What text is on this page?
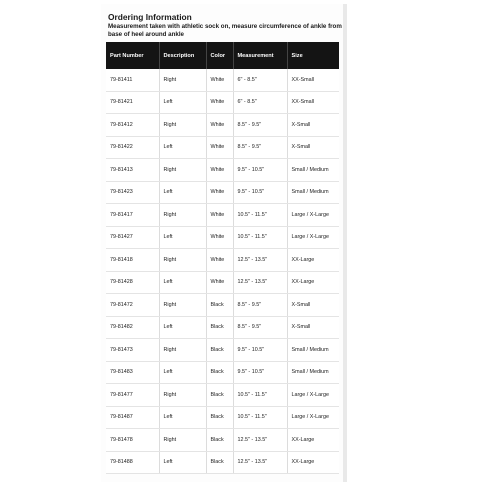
Ordering Information
Measurement taken with athletic sock on, measure circumference of ankle from base of heel around ankle
Part Number	Description	Color	Measurement	Size
79-81411	Right	White	6" - 8.5"	XX-Small
79-81421	Left	White	6" - 8.5"	XX-Small
79-81412	Right	White	8.5" - 9.5"	X-Small
79-81422	Left	White	8.5" - 9.5"	X-Small
79-81413	Right	White	9.5" - 10.5"	Small / Medium
79-81423	Left	White	9.5" - 10.5"	Small / Medium
79-81417	Right	White	10.5" - 11.5"	Large / X-Large
79-81427	Left	White	10.5" - 11.5"	Large / X-Large
79-81418	Right	White	12.5" - 13.5"	XX-Large
79-81428	Left	White	12.5" - 13.5"	XX-Large
79-81472	Right	Black	8.5" - 9.5"	X-Small
79-81482	Left	Black	8.5" - 9.5"	X-Small
79-81473	Right	Black	9.5" - 10.5"	Small / Medium
79-81483	Left	Black	9.5" - 10.5"	Small / Medium
79-81477	Right	Black	10.5" - 11.5"	Large / X-Large
79-81487	Left	Black	10.5" - 11.5"	Large / X-Large
79-81478	Right	Black	12.5" - 13.5"	XX-Large
79-81488	Left	Black	12.5" - 13.5"	XX-Large
